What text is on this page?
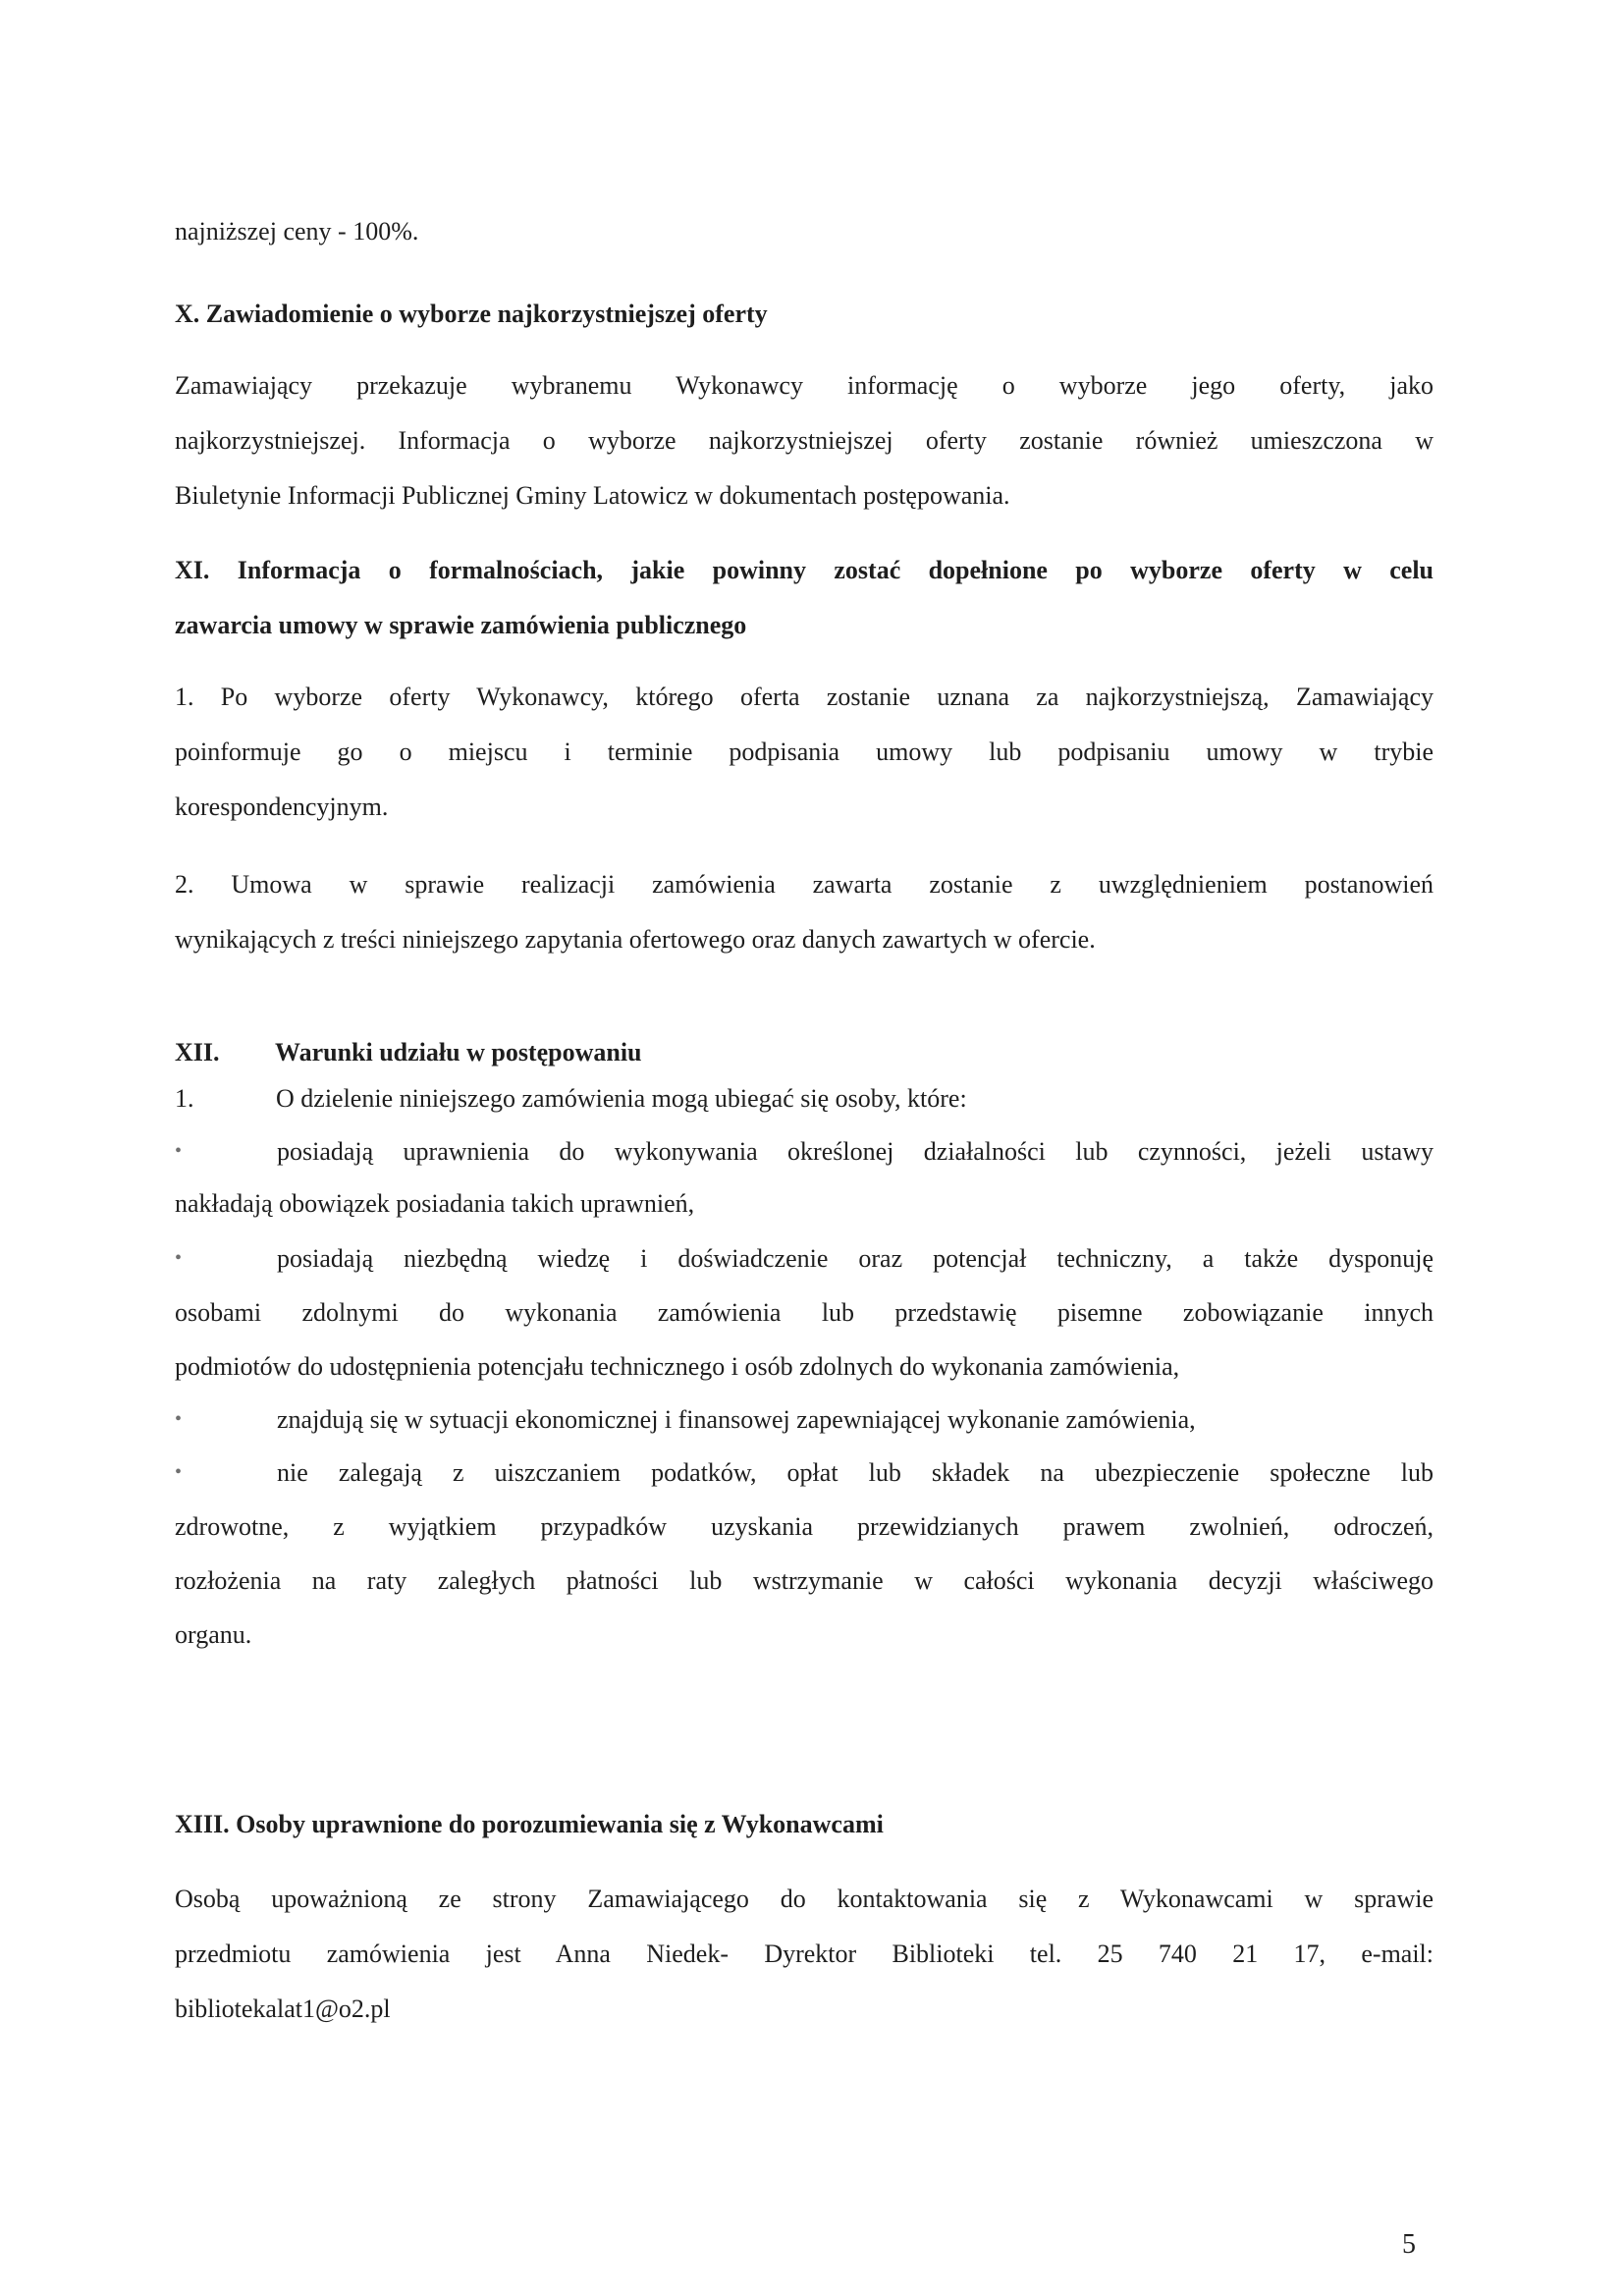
najniższej ceny - 100%.

X. Zawiadomienie o wyborze najkorzystniejszej oferty

Zamawiający przekazuje wybranemu Wykonawcy informację o wyborze jego oferty, jako

najkorzystniejszej. Informacja o wyborze najkorzystniejszej oferty zostanie również umieszczona w

Biuletynie Informacji Publicznej Gminy Latowicz w dokumentach postępowania.

XI. Informacja o formalnościach, jakie powinny zostać dopełnione po wyborze oferty w celu
zawarcia umowy w sprawie zamówienia publicznego

1. Po wyborze oferty Wykonawcy, którego oferta zostanie uznana za najkorzystniejszą, Zamawiający

poinformuje go o miejscu i terminie podpisania umowy lub podpisaniu umowy w trybie

korespondencyjnym.

2. Umowa w sprawie realizacji zamówienia zawarta zostanie z uwzględnieniem postanowień

wynikających z treści niniejszego zapytania ofertowego oraz danych zawartych w ofercie.

XII.	Warunki udziału w postępowaniu
1.	O dzielenie niniejszego zamówienia mogą ubiegać się osoby, które:

•	posiadają uprawnienia do wykonywania określonej działalności lub czynności, jeżeli ustawy

nakładają obowiązek posiadania takich uprawnień,

•	posiadają niezbędną wiedzę i doświadczenie oraz potencjał techniczny, a także dysponuję

osobami zdolnymi do wykonania zamówienia lub przedstawię pisemne zobowiązanie innych

podmiotów do udostępnienia potencjału technicznego i osób zdolnych do wykonania zamówienia,

•	znajdują się w sytuacji ekonomicznej i finansowej zapewniającej wykonanie zamówienia,

•	nie zalegają z uiszczaniem podatków, opłat lub składek na ubezpieczenie społeczne lub

zdrowotne, z wyjątkiem przypadków uzyskania przewidzianych prawem zwolnień, odroczeń,

rozłożenia na raty zaległych płatności lub wstrzymanie w całości wykonania decyzji właściwego

organu.

XIII. Osoby uprawnione do porozumiewania się z Wykonawcami

Osobą upoważnioną ze strony Zamawiającego do kontaktowania się z Wykonawcami w sprawie

przedmiotu zamówienia jest Anna Niedek- Dyrektor Biblioteki tel. 25 740 21 17, e-mail:

bibliotekalat1@o2.pl

5
